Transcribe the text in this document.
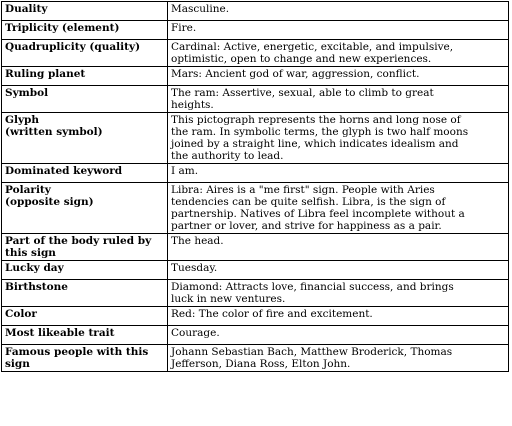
Duality	Masculine.
Triplicity (element)	Fire.
Quadruplicity (quality)	Cardinal: Active, energetic, excitable, and impulsive,
optimistic, open to change and new experiences.
Ruling planet	Mars: Ancient god of war, aggression, conflict.
Symbol	The ram: Assertive, sexual, able to climb to great
heights.
Glyph
(written symbol)	This pictograph represents the horns and long nose of
the ram. In symbolic terms, the glyph is two half moons
joined by a straight line, which indicates idealism and
the authority to lead.
Dominated keyword	I am.
Polarity
(opposite sign)	Libra: Aires is a "me first" sign. People with Aries
tendencies can be quite selfish. Libra, is the sign of
partnership. Natives of Libra feel incomplete without a
partner or lover, and strive for happiness as a pair.
Part of the body ruled by
this sign	The head.
Lucky day	Tuesday.
Birthstone	Diamond: Attracts love, financial success, and brings
luck in new ventures.
Color	Red: The color of fire and excitement.
Most likeable trait	Courage.
Famous people with this
sign	Johann Sebastian Bach, Matthew Broderick, Thomas
Jefferson, Diana Ross, Elton John.
